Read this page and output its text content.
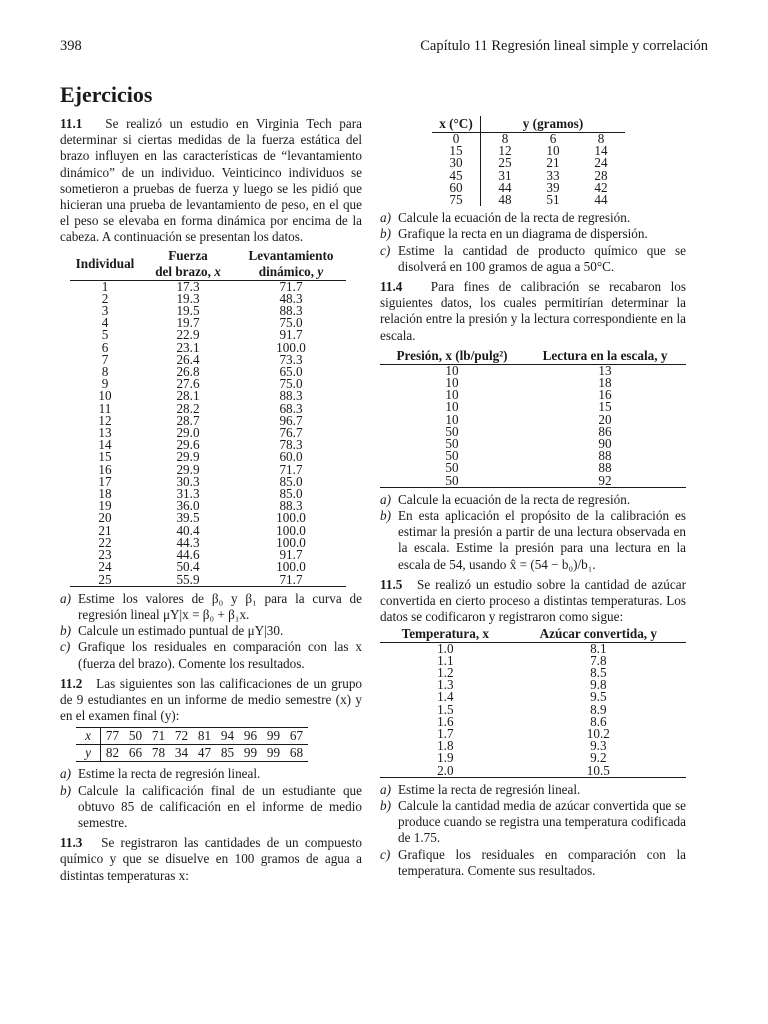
398	Capítulo 11 Regresión lineal simple y correlación
Ejercicios

11.1 Se realizó un estudio en Virginia Tech para determinar si ciertas medidas de la fuerza estática del brazo influyen en las características de “levantamiento dinámico” de un individuo. Veinticinco individuos se sometieron a pruebas de fuerza y luego se les pidió que hicieran una prueba de levantamiento de peso, en el que el peso se elevaba en forma dinámica por encima de la cabeza. A continuación se presentan los datos.

Individual	Fuerza
del brazo, x	Levantamiento
dinámico, y
1	17.3	71.7
2	19.3	48.3
3	19.5	88.3
4	19.7	75.0
5	22.9	91.7
6	23.1	100.0
7	26.4	73.3
8	26.8	65.0
9	27.6	75.0
10	28.1	88.3
11	28.2	68.3
12	28.7	96.7
13	29.0	76.7
14	29.6	78.3
15	29.9	60.0
16	29.9	71.7
17	30.3	85.0
18	31.3	85.0
19	36.0	88.3
20	39.5	100.0
21	40.4	100.0
22	44.3	100.0
23	44.6	91.7
24	50.4	100.0
25	55.9	71.7
a) Estime los valores de β₀ y β₁ para la curva de regresión lineal μY|x = β₀ + β₁x.
b) Calcule un estimado puntual de μY|30.
c) Grafique los residuales en comparación con las x (fuerza del brazo). Comente los resultados.

11.2 Las siguientes son las calificaciones de un grupo de 9 estudiantes en un informe de medio semestre (x) y en el examen final (y):

x	77	50	71	72	81	94	96	99	67
y	82	66	78	34	47	85	99	99	68
a) Estime la recta de regresión lineal.
b) Calcule la calificación final de un estudiante que obtuvo 85 de calificación en el informe de medio semestre.

11.3 Se registraron las cantidades de un compuesto químico y que se disuelve en 100 gramos de agua a distintas temperaturas x:

x (°C)	y (gramos)		
0	8	6	8
15	12	10	14
30	25	21	24
45	31	33	28
60	44	39	42
75	48	51	44
a) Calcule la ecuación de la recta de regresión.
b) Grafique la recta en un diagrama de dispersión.
c) Estime la cantidad de producto químico que se disolverá en 100 gramos de agua a 50°C.

11.4 Para fines de calibración se recabaron los siguientes datos, los cuales permitirían determinar la relación entre la presión y la lectura correspondiente en la escala.

Presión, x (lb/pulg²)	Lectura en la escala, y
10	13
10	18
10	16
10	15
10	20
50	86
50	90
50	88
50	88
50	92
a) Calcule la ecuación de la recta de regresión.
b) En esta aplicación el propósito de la calibración es estimar la presión a partir de una lectura observada en la escala. Estime la presión para una lectura en la escala de 54, usando x̂ = (54 − b₀)/b₁.

11.5 Se realizó un estudio sobre la cantidad de azúcar convertida en cierto proceso a distintas temperaturas. Los datos se codificaron y registraron como sigue:

Temperatura, x	Azúcar convertida, y
1.0	8.1
1.1	7.8
1.2	8.5
1.3	9.8
1.4	9.5
1.5	8.9
1.6	8.6
1.7	10.2
1.8	9.3
1.9	9.2
2.0	10.5
a) Estime la recta de regresión lineal.
b) Calcule la cantidad media de azúcar convertida que se produce cuando se registra una temperatura codificada de 1.75.
c) Grafique los residuales en comparación con la temperatura. Comente sus resultados.
